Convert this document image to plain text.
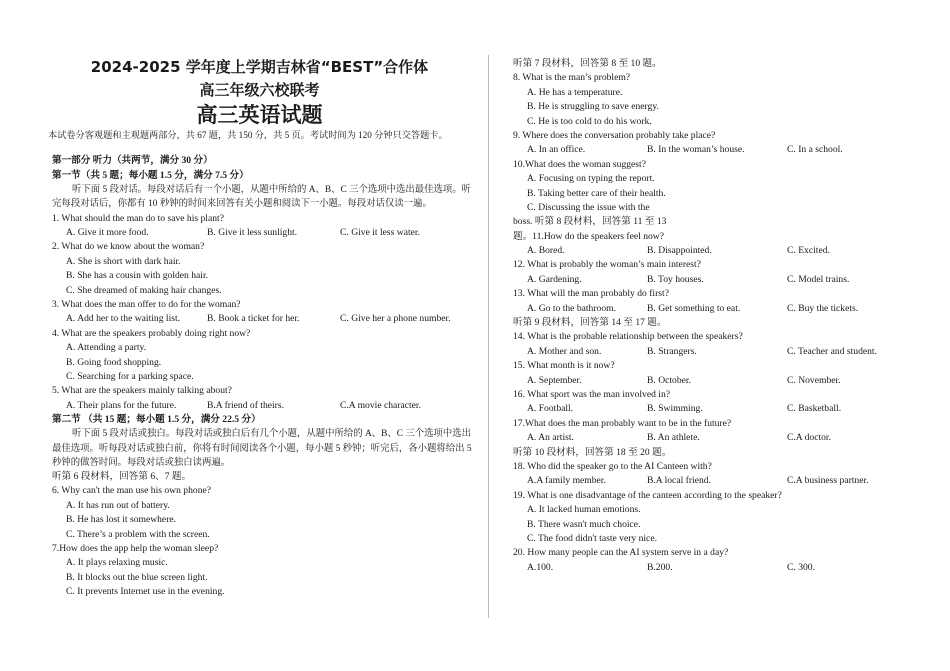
2024-2025 学年度上学期吉林省“BEST”合作体
高三年级六校联考
高三英语试题
本试卷分客观题和主观题两部分，共 67 题，共 150 分，共 5 页。考试时间为 120 分钟只交答题卡。
第一部分 听力（共两节，满分 30 分）
第一节（共 5 题；每小题 1.5 分，满分 7.5 分）
听下面 5 段对话。每段对话后有一个小题，从题中所给的 A、B、C 三个选项中选出最佳选项。听完每段对话后，你都有 10 秒钟的时间来回答有关小题和阅读下一小题。每段对话仅读一遍。
1. What should the man do to save his plant?
A. Give it more food.	B. Give it less sunlight.	C. Give it less water.
2. What do we know about the woman?
A. She is short with dark hair.
B. She has a cousin with golden hair.
C. She dreamed of making hair changes.
3. What does the man offer to do for the woman?
A. Add her to the waiting list.	B. Book a ticket for her.	C. Give her a phone number.
4. What are the speakers probably doing right now?
A. Attending a party.
B. Going food shopping.
C. Searching for a parking space.
5. What are the speakers mainly talking about?
A. Their plans for the future.	B.A friend of theirs.	C.A movie character.
第二节 （共 15 题；每小题 1.5 分，满分 22.5 分）
听下面 5 段对话或独白。每段对话或独白后有几个小题，从题中所给的 A、B、C 三个选项中选出最佳选项。听每段对话或独白前，你将有时间阅读各个小题，每小题 5 秒钟；听完后，各小题将给出 5 秒钟的做答时间。每段对话或独白读两遍。
听第 6 段材料，回答第 6、7 题。
6. Why can't the man use his own phone?
A. It has run out of battery.
B. He has lost it somewhere.
C. There’s a problem with the screen.
7.How does the app help the woman sleep?
A. It plays relaxing music.
B. It blocks out the blue screen light.
C. It prevents Internet use in the evening.
听第 7 段材料，回答第 8 至 10 题。
8. What is the man’s problem?
A. He has a temperature.
B. He is struggling to save energy.
C. He is too cold to do his work.
9. Where does the conversation probably take place?
A. In an office.	B. In the woman’s house.	C. In a school.
10.What does the woman suggest?
A. Focusing on typing the report.
B. Taking better care of their health.
C. Discussing the issue with the
boss. 听第 8 段材料，回答第 11 至 13
题。11.How do the speakers feel now?
A. Bored.	B. Disappointed.	C. Excited.
12. What is probably the woman’s main interest?
A. Gardening.	B. Toy houses.	C. Model trains.
13. What will the man probably do first?
A. Go to the bathroom.	B. Get something to eat.	C. Buy the tickets.
听第 9 段材料，回答第 14 至 17 题。
14. What is the probable relationship between the speakers?
A. Mother and son.	B. Strangers.	C. Teacher and student.
15. What month is it now?
A. September.	B. October.	C. November.
16. What sport was the man involved in?
A. Football.	B. Swimming.	C. Basketball.
17.What does the man probably want to be in the future?
A. An artist.	B. An athlete.	C.A doctor.
听第 10 段材料，回答第 18 至 20 题。
18. Who did the speaker go to the AI Canteen with?
A.A family member.	B.A local friend.	C.A business partner.
19. What is one disadvantage of the canteen according to the speaker?
A. It lacked human emotions.
B. There wasn't much choice.
C. The food didn't taste very nice.
20. How many people can the AI system serve in a day?
A.100.	B.200.	C. 300.
